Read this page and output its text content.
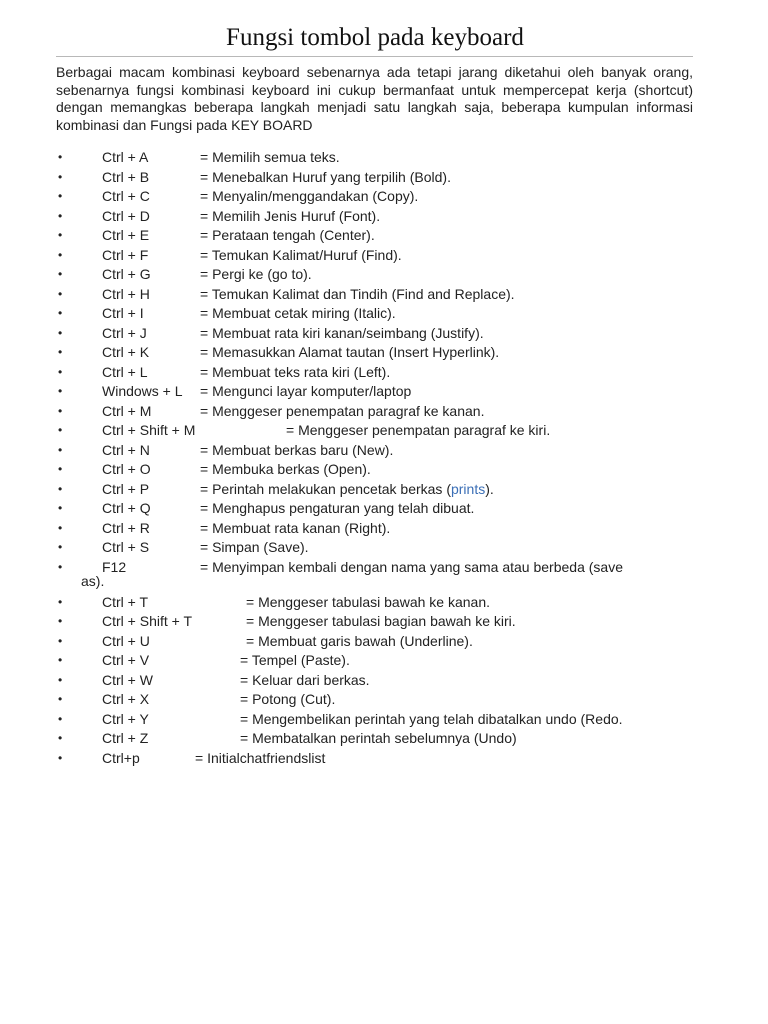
Fungsi tombol pada keyboard

Berbagai macam kombinasi keyboard sebenarnya ada tetapi jarang diketahui oleh banyak orang, sebenarnya fungsi kombinasi keyboard ini cukup bermanfaat untuk mempercepat kerja (shortcut) dengan memangkas beberapa langkah menjadi satu langkah saja, beberapa kumpulan informasi kombinasi dan Fungsi pada KEY BOARD

•	Ctrl + A	= Memilih semua teks.
•	Ctrl + B	= Menebalkan Huruf yang terpilih (Bold).
•	Ctrl + C	= Menyalin/menggandakan (Copy).
•	Ctrl + D	= Memilih Jenis Huruf (Font).
•	Ctrl + E	= Perataan tengah (Center).
•	Ctrl + F	= Temukan Kalimat/Huruf (Find).
•	Ctrl + G	= Pergi ke (go to).
•	Ctrl + H	= Temukan Kalimat dan Tindih (Find and Replace).
•	Ctrl + I	= Membuat cetak miring (Italic).
•	Ctrl + J	= Membuat rata kiri kanan/seimbang (Justify).
•	Ctrl + K	= Memasukkan Alamat tautan (Insert Hyperlink).
•	Ctrl + L	= Membuat teks rata kiri (Left).
•	Windows + L = Mengunci layar komputer/laptop
•	Ctrl + M	= Menggeser penempatan paragraf ke kanan.
•	Ctrl + Shift + M	= Menggeser penempatan paragraf ke kiri.
•	Ctrl + N	= Membuat berkas baru (New).
•	Ctrl + O	= Membuka berkas (Open).
•	Ctrl + P	= Perintah melakukan pencetak berkas (prints).
•	Ctrl + Q	= Menghapus pengaturan yang telah dibuat.
•	Ctrl + R	= Membuat rata kanan (Right).
•	Ctrl + S	= Simpan (Save).
•	F12	= Menyimpan kembali dengan nama yang sama atau berbeda (save
as).
•	Ctrl + T	= Menggeser tabulasi bawah ke kanan.
•	Ctrl + Shift + T	= Menggeser tabulasi bagian bawah ke kiri.
•	Ctrl + U	= Membuat garis bawah (Underline).
•	Ctrl + V	= Tempel (Paste).
•	Ctrl + W	= Keluar dari berkas.
•	Ctrl + X	= Potong (Cut).
•	Ctrl + Y	= Mengembelikan perintah yang telah dibatalkan undo (Redo.
•	Ctrl + Z	= Membatalkan perintah sebelumnya (Undo)
•	Ctrl+p	= Initialchatfriendslist
